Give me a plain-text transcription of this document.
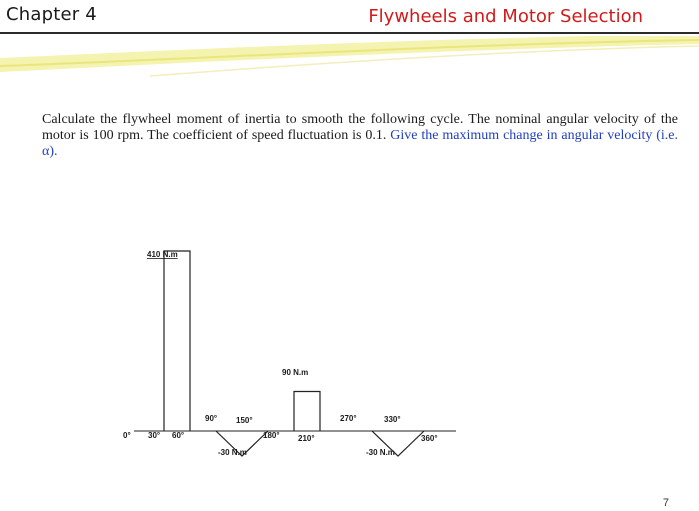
Chapter 4	Flywheels and Motor Selection
Calculate the flywheel moment of inertia to smooth the following cycle. The nominal angular velocity of the motor is 100 rpm. The coefficient of speed fluctuation is 0.1. Give the maximum change in angular velocity (i.e. α).
410 N.m
90 N.m
-30 N.m	-30 N.m
0° 30° 60°
90° 150°
180° 210°
270°	330°
360°
7
